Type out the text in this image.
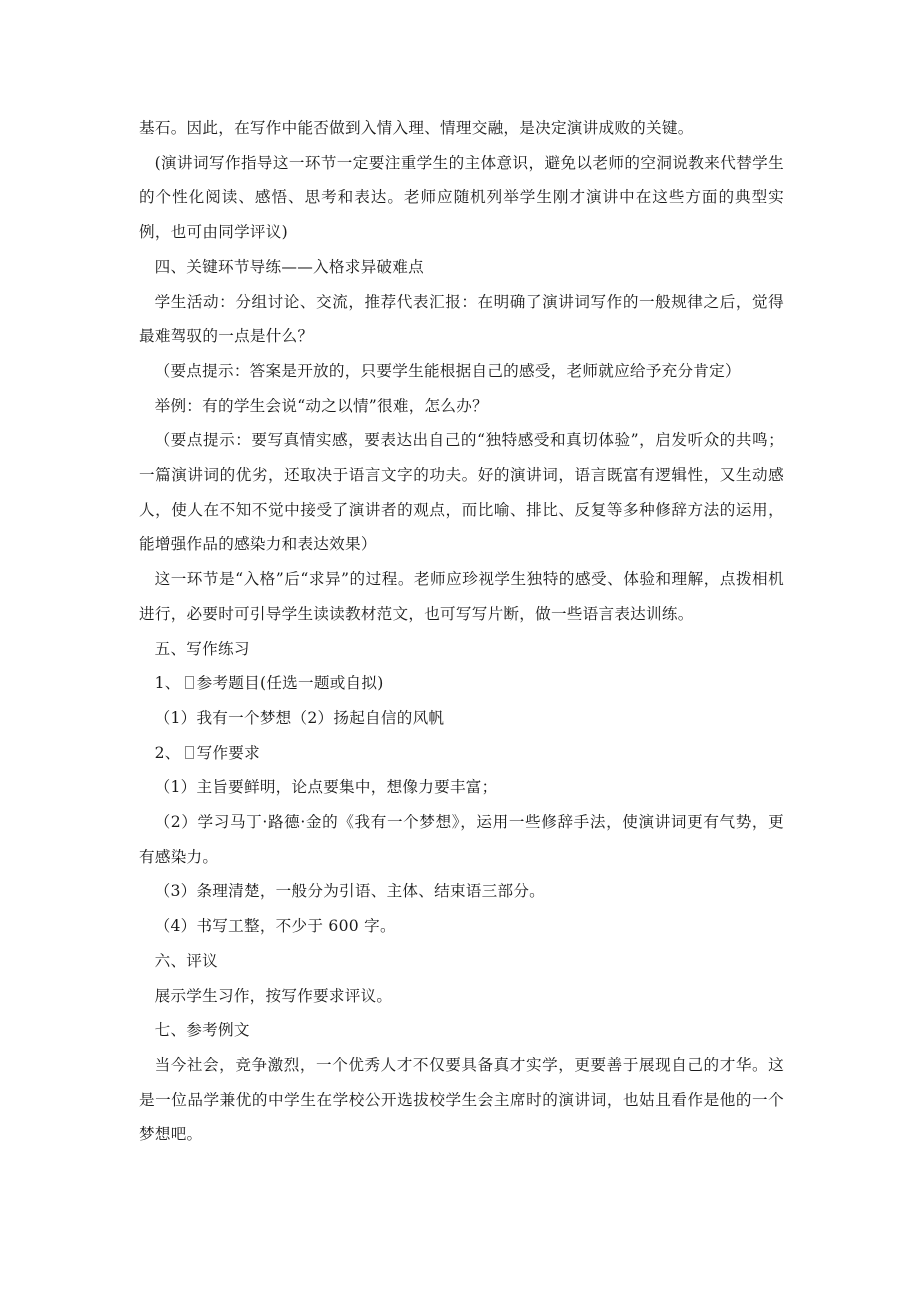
基石。因此，在写作中能否做到入情入理、情理交融，是决定演讲成败的关键。

(演讲词写作指导这一环节一定要注重学生的主体意识，避免以老师的空洞说教来代替学生的个性化阅读、感悟、思考和表达。老师应随机列举学生刚才演讲中在这些方面的典型实例，也可由同学评议)

四、关键环节导练——入格求异破难点

学生活动：分组讨论、交流，推荐代表汇报：在明确了演讲词写作的一般规律之后，觉得最难驾驭的一点是什么？

（要点提示：答案是开放的，只要学生能根据自己的感受，老师就应给予充分肯定）

举例：有的学生会说“动之以情”很难，怎么办？

（要点提示：要写真情实感，要表达出自己的“独特感受和真切体验”，启发听众的共鸣；一篇演讲词的优劣，还取决于语言文字的功夫。好的演讲词，语言既富有逻辑性，又生动感人，使人在不知不觉中接受了演讲者的观点，而比喻、排比、反复等多种修辞方法的运用，能增强作品的感染力和表达效果）

这一环节是“入格”后“求异”的过程。老师应珍视学生独特的感受、体验和理解，点拨相机进行，必要时可引导学生读读教材范文，也可写写片断，做一些语言表达训练。

五、写作练习

1、 参考题目(任选一题或自拟)

（1）我有一个梦想（2）扬起自信的风帆

2、 写作要求

（1）主旨要鲜明，论点要集中，想像力要丰富；

（2）学习马丁·路德·金的《我有一个梦想》，运用一些修辞手法，使演讲词更有气势，更有感染力。

（3）条理清楚，一般分为引语、主体、结束语三部分。

（4）书写工整，不少于 600 字。

六、评议

展示学生习作，按写作要求评议。

七、参考例文

当今社会，竞争激烈，一个优秀人才不仅要具备真才实学，更要善于展现自己的才华。这是一位品学兼优的中学生在学校公开选拔校学生会主席时的演讲词，也姑且看作是他的一个梦想吧。
